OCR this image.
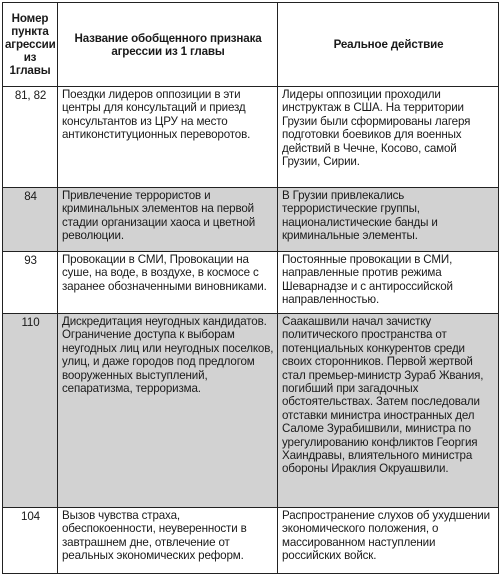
Номер пункта агрессии из 1главы	Название обобщенного признака агрессии из 1 главы	Реальное действие
81, 82	Поездки лидеров оппозиции в эти центры для консультаций и приезд консультантов из ЦРУ на место антиконституционных переворотов.	Лидеры оппозиции проходили инструктаж в США. На территории Грузии были сформированы лагеря подготовки боевиков для военных действий в Чечне, Косово, самой Грузии, Сирии.
84	Привлечение террористов и криминальных элементов на первой стадии организации хаоса и цветной революции.	В Грузии привлекались террористические группы, националистические банды и криминальные элементы.
93	Провокации в СМИ, Провокации на суше, на воде, в воздухе, в космосе с заранее обозначенными виновниками.	Постоянные провокации в СМИ, направленные против режима Шеварнадзе и с антироссийской направленностью.
110	Дискредитация неугодных кандидатов. Ограничение доступа к выборам неугодных лиц или неугодных поселков, улиц, и даже городов под предлогом вооруженных выступлений, сепаратизма, терроризма.	Саакашвили начал зачистку политического пространства от потенциальных конкурентов среди своих сторонников. Первой жертвой стал премьер-министр Зураб Жвания, погибший при загадочных обстоятельствах. Затем последовали отставки министра иностранных дел Саломе Зурабишвили, министра по урегулированию конфликтов Георгия Хаиндравы, влиятельного министра обороны Ираклия Окруашвили.
104	Вызов чувства страха, обеспокоенности, неуверенности в завтрашнем дне, отвлечение от реальных экономических реформ.	Распространение слухов об ухудшении экономического положения, о массированном наступлении российских войск.
